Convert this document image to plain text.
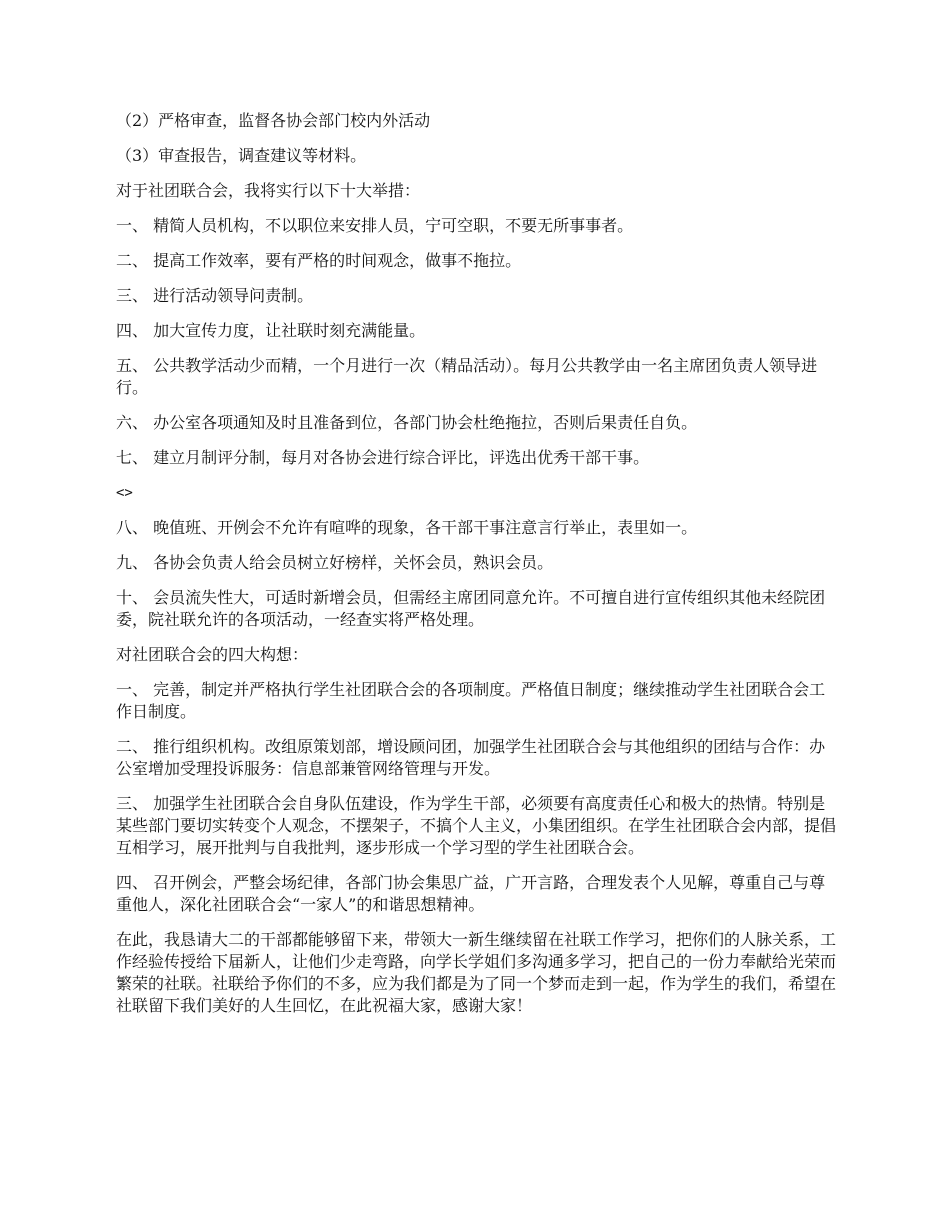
（2）严格审查，监督各协会部门校内外活动

（3）审查报告，调查建议等材料。

对于社团联合会，我将实行以下十大举措：

一、 精简人员机构，不以职位来安排人员，宁可空职，不要无所事事者。

二、 提高工作效率，要有严格的时间观念，做事不拖拉。

三、 进行活动领导问责制。

四、 加大宣传力度，让社联时刻充满能量。

五、 公共教学活动少而精，一个月进行一次（精品活动）。每月公共教学由一名主席团负责人领导进行。

六、 办公室各项通知及时且准备到位，各部门协会杜绝拖拉，否则后果责任自负。

七、 建立月制评分制，每月对各协会进行综合评比，评选出优秀干部干事。

<>

八、 晚值班、开例会不允许有喧哗的现象，各干部干事注意言行举止，表里如一。

九、 各协会负责人给会员树立好榜样，关怀会员，熟识会员。

十、 会员流失性大，可适时新增会员，但需经主席团同意允许。不可擅自进行宣传组织其他未经院团委，院社联允许的各项活动，一经查实将严格处理。

对社团联合会的四大构想：

一、 完善，制定并严格执行学生社团联合会的各项制度。严格值日制度；继续推动学生社团联合会工作日制度。

二、 推行组织机构。改组原策划部，增设顾问团，加强学生社团联合会与其他组织的团结与合作：办公室增加受理投诉服务：信息部兼管网络管理与开发。

三、 加强学生社团联合会自身队伍建设，作为学生干部，必须要有高度责任心和极大的热情。特别是某些部门要切实转变个人观念，不摆架子，不搞个人主义，小集团组织。在学生社团联合会内部，提倡互相学习，展开批判与自我批判，逐步形成一个学习型的学生社团联合会。

四、 召开例会，严整会场纪律，各部门协会集思广益，广开言路，合理发表个人见解，尊重自己与尊重他人，深化社团联合会“一家人”的和谐思想精神。

在此，我恳请大二的干部都能够留下来，带领大一新生继续留在社联工作学习，把你们的人脉关系，工作经验传授给下届新人，让他们少走弯路，向学长学姐们多沟通多学习，把自己的一份力奉献给光荣而繁荣的社联。社联给予你们的不多，应为我们都是为了同一个梦而走到一起，作为学生的我们，希望在社联留下我们美好的人生回忆，在此祝福大家，感谢大家！
